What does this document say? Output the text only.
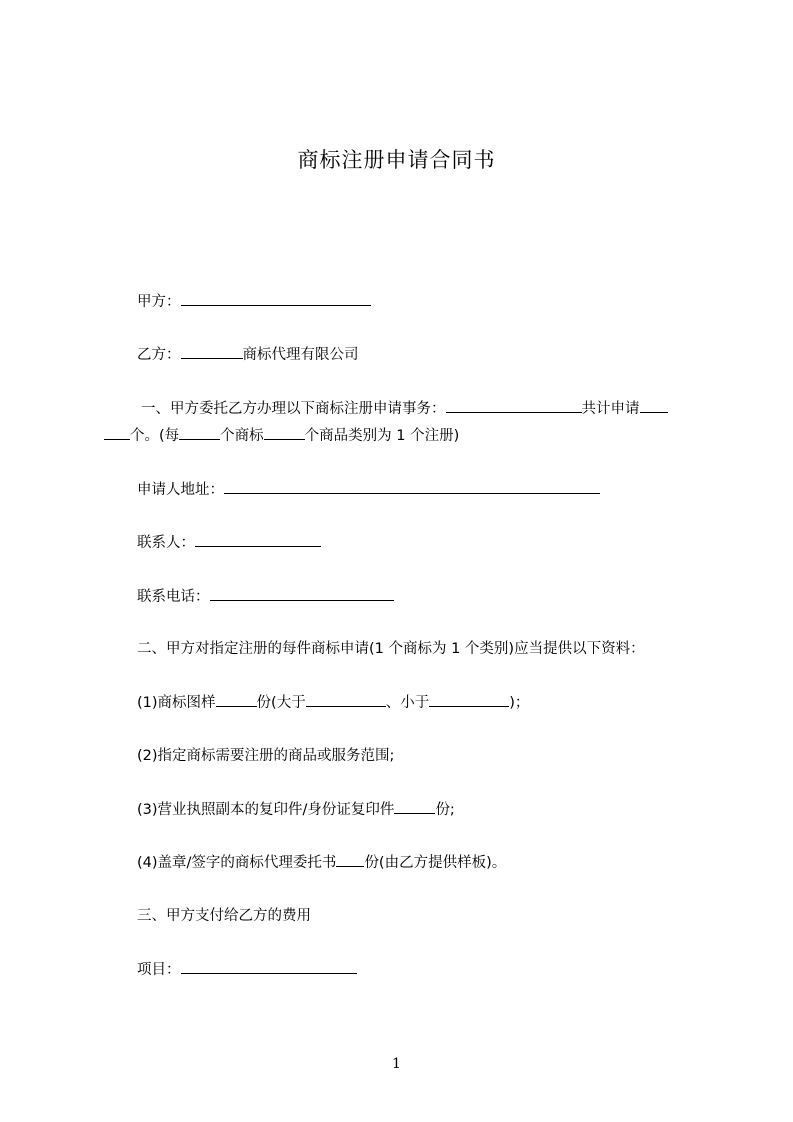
商标注册申请合同书
甲方：
乙方：	商标代理有限公司
一、甲方委托乙方办理以下商标注册申请事务：	共计申请
个。(每	个商标	个商品类别为 1 个注册)
申请人地址：
联系人：
联系电话：
二、甲方对指定注册的每件商标申请(1 个商标为 1 个类别)应当提供以下资料：
(1)商标图样	份(大于	、小于	)；
(2)指定商标需要注册的商品或服务范围;
(3)营业执照副本的复印件/身份证复印件	份;
(4)盖章/签字的商标代理委托书 份(由乙方提供样板)。
三、甲方支付给乙方的费用
项目：
1
